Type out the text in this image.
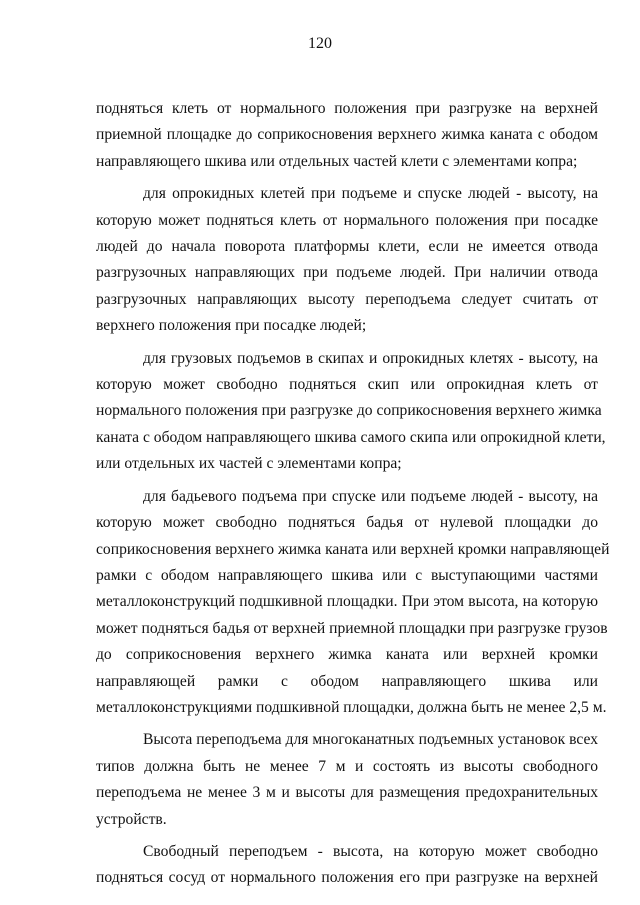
120

подняться клеть от нормального положения при разгрузке на верхней
приемной площадке до соприкосновения верхнего жимка каната с ободом
направляющего шкива или отдельных частей клети с элементами копра;

для опрокидных клетей при подъеме и спуске людей - высоту, на
которую может подняться клеть от нормального положения при посадке
людей до начала поворота платформы клети, если не имеется отвода
разгрузочных направляющих при подъеме людей. При наличии отвода
разгрузочных направляющих высоту переподъема следует считать от
верхнего положения при посадке людей;

для грузовых подъемов в скипах и опрокидных клетях - высоту, на
которую может свободно подняться скип или опрокидная клеть от
нормального положения при разгрузке до соприкосновения верхнего жимка
каната с ободом направляющего шкива самого скипа или опрокидной клети,
или отдельных их частей с элементами копра;

для бадьевого подъема при спуске или подъеме людей - высоту, на
которую может свободно подняться бадья от нулевой площадки до
соприкосновения верхнего жимка каната или верхней кромки направляющей
рамки с ободом направляющего шкива или с выступающими частями
металлоконструкций подшкивной площадки. При этом высота, на которую
может подняться бадья от верхней приемной площадки при разгрузке грузов
до соприкосновения верхнего жимка каната или верхней кромки
направляющей рамки с ободом направляющего шкива или
металлоконструкциями подшкивной площадки, должна быть не менее 2,5 м.

Высота переподъема для многоканатных подъемных установок всех
типов должна быть не менее 7 м и состоять из высоты свободного
переподъема не менее 3 м и высоты для размещения предохранительных
устройств.

Свободный переподъем - высота, на которую может свободно
подняться сосуд от нормального положения его при разгрузке на верхней
